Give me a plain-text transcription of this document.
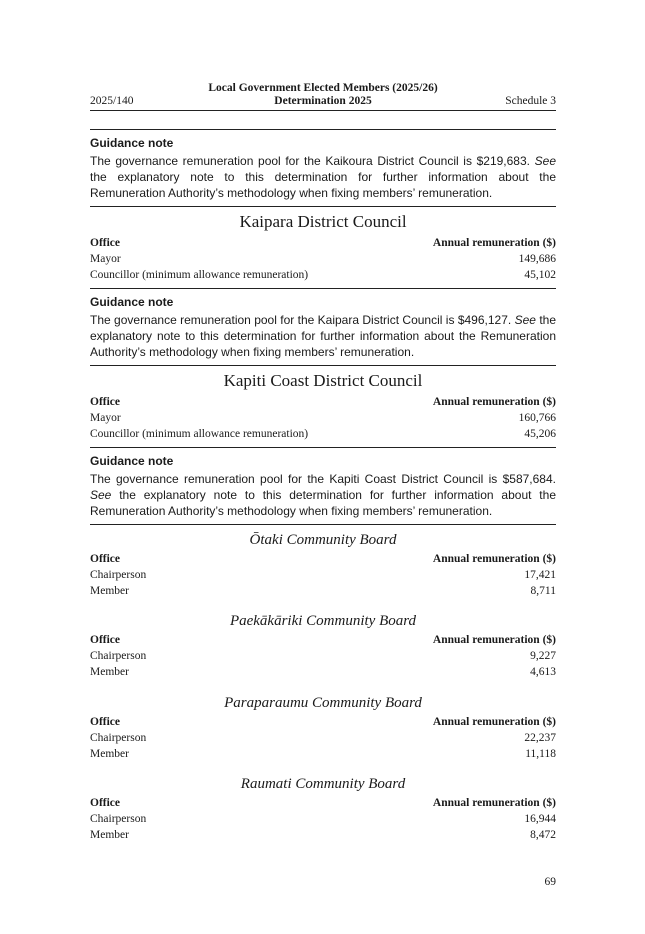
Local Government Elected Members (2025/26)
Determination 2025
2025/140	Schedule 3
Guidance note
The governance remuneration pool for the Kaikoura District Council is $219,683. See the explanatory note to this determination for further information about the Remuneration Authority’s methodology when fixing members’ remuneration.
Kaipara District Council
Office	Annual remuneration ($)
Mayor	149,686
Councillor (minimum allowance remuneration)	45,102
Guidance note
The governance remuneration pool for the Kaipara District Council is $496,127. See the explanatory note to this determination for further information about the Remuneration Authority’s methodology when fixing members’ remuneration.
Kapiti Coast District Council
Office	Annual remuneration ($)
Mayor	160,766
Councillor (minimum allowance remuneration)	45,206
Guidance note
The governance remuneration pool for the Kapiti Coast District Council is $587,684. See the explanatory note to this determination for further information about the Remuneration Authority’s methodology when fixing members’ remuneration.
Ōtaki Community Board
Office	Annual remuneration ($)
Chairperson	17,421
Member	8,711
Paekākāriki Community Board
Office	Annual remuneration ($)
Chairperson	9,227
Member	4,613
Paraparaumu Community Board
Office	Annual remuneration ($)
Chairperson	22,237
Member	11,118
Raumati Community Board
Office	Annual remuneration ($)
Chairperson	16,944
Member	8,472
69
